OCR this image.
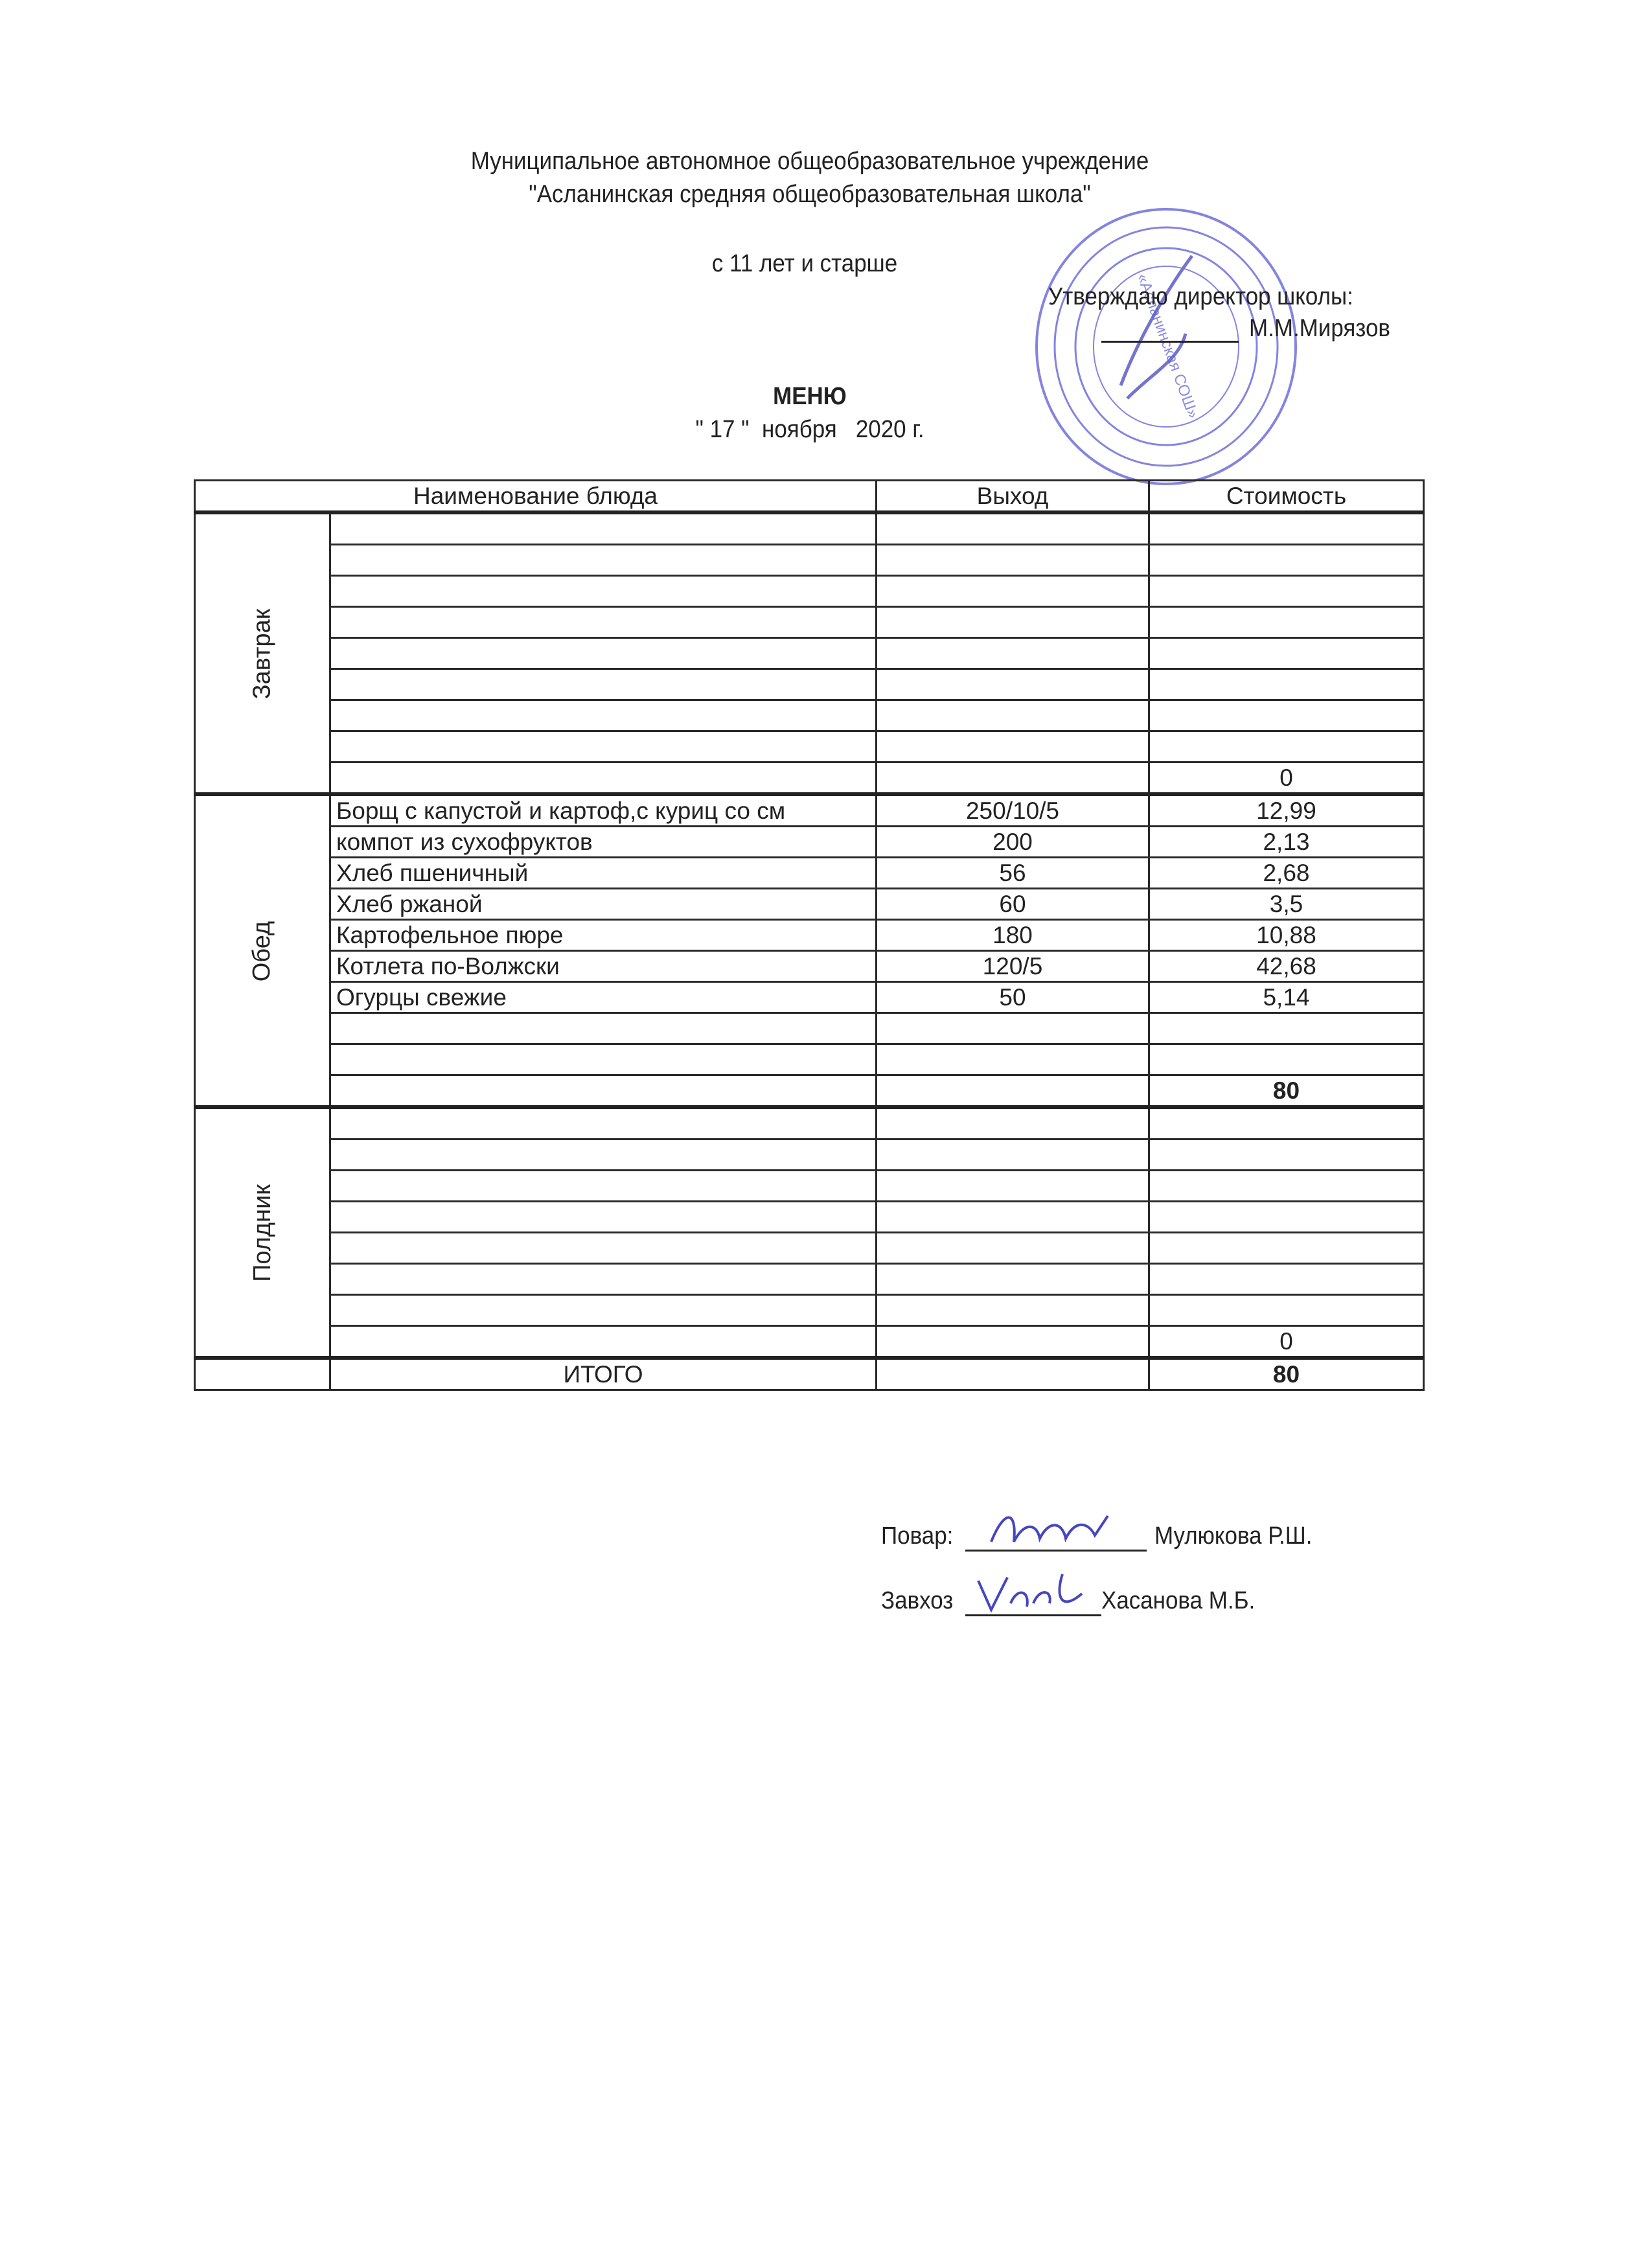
Муниципальное автономное общеобразовательное учреждение
"Асланинская средняя общеобразовательная школа"
с 11 лет и старше
«Асланинская СОШ»
Утверждаю директор школы:
М.М.Мирязов
МЕНЮ
" 17 "  ноября   2020 г.
Наименование блюда		Выход	Стоимость
Завтрак			

			0
Обед	Борщ с капустой и картоф,с куриц со см	250/10/5	12,99
	компот из сухофруктов	200	2,13
	Хлеб пшеничный	56	2,68
	Хлеб ржаной	60	3,5
	Картофельное пюре	180	10,88
	Котлета по-Волжски	120/5	42,68
	Огурцы свежие	50	5,14

			80
Полдник			

			0
	ИТОГО		80
Повар:	Мулюкова Р.Ш.
Завхоз	Хасанова М.Б.
